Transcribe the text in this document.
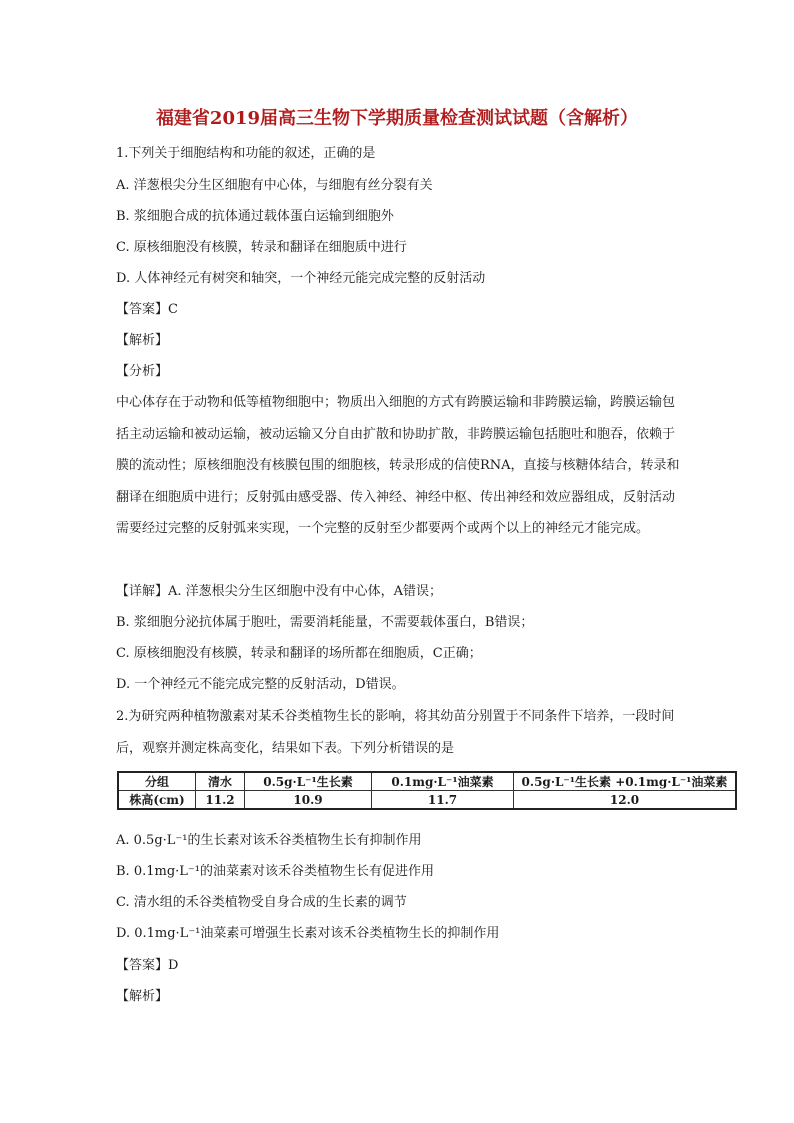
福建省2019届高三生物下学期质量检查测试试题（含解析）
1.下列关于细胞结构和功能的叙述，正确的是
A. 洋葱根尖分生区细胞有中心体，与细胞有丝分裂有关
B. 浆细胞合成的抗体通过载体蛋白运输到细胞外
C. 原核细胞没有核膜，转录和翻译在细胞质中进行
D. 人体神经元有树突和轴突，一个神经元能完成完整的反射活动
【答案】C
【解析】
【分析】
中心体存在于动物和低等植物细胞中；物质出入细胞的方式有跨膜运输和非跨膜运输，跨膜运输包括主动运输和被动运输，被动运输又分自由扩散和协助扩散，非跨膜运输包括胞吐和胞吞，依赖于膜的流动性；原核细胞没有核膜包围的细胞核，转录形成的信使RNA，直接与核糖体结合，转录和翻译在细胞质中进行；反射弧由感受器、传入神经、神经中枢、传出神经和效应器组成，反射活动需要经过完整的反射弧来实现，一个完整的反射至少都要两个或两个以上的神经元才能完成。
【详解】A. 洋葱根尖分生区细胞中没有中心体，A错误；
B. 浆细胞分泌抗体属于胞吐，需要消耗能量，不需要载体蛋白，B错误；
C. 原核细胞没有核膜，转录和翻译的场所都在细胞质，C正确；
D. 一个神经元不能完成完整的反射活动，D错误。
2.为研究两种植物激素对某禾谷类植物生长的影响，将其幼苗分别置于不同条件下培养，一段时间后，观察并测定株高变化，结果如下表。下列分析错误的是
分组	清水	0.5g·L⁻¹生长素	0.1mg·L⁻¹油菜素	0.5g·L⁻¹生长素 +0.1mg·L⁻¹油菜素
株高(cm)	11.2	10.9	11.7	12.0
A. 0.5g·L⁻¹的生长素对该禾谷类植物生长有抑制作用
B. 0.1mg·L⁻¹的油菜素对该禾谷类植物生长有促进作用
C. 清水组的禾谷类植物受自身合成的生长素的调节
D. 0.1mg·L⁻¹油菜素可增强生长素对该禾谷类植物生长的抑制作用
【答案】D
【解析】
